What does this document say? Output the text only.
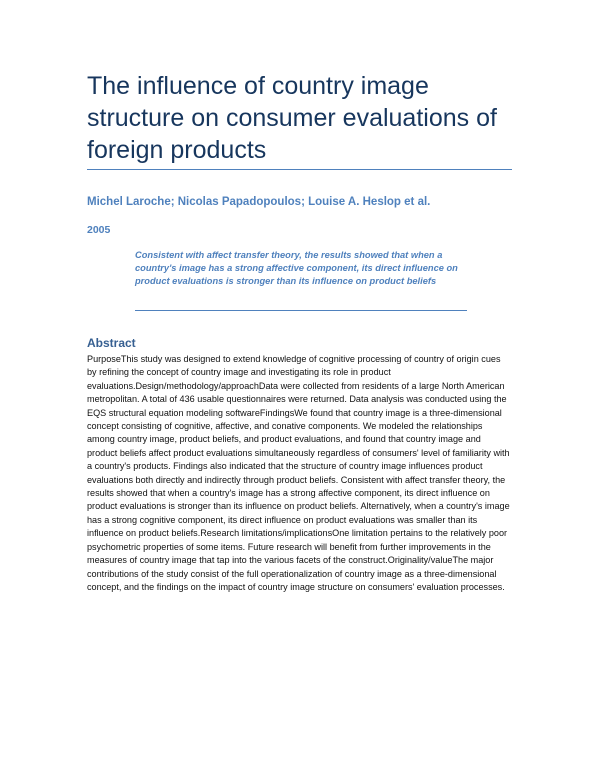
The influence of country image structure on consumer evaluations of foreign products

Michel Laroche; Nicolas Papadopoulos; Louise A. Heslop et al.

2005

Consistent with affect transfer theory, the results showed that when a country's image has a strong affective component, its direct influence on product evaluations is stronger than its influence on product beliefs

Abstract

PurposeThis study was designed to extend knowledge of cognitive processing of country of origin cues by refining the concept of country image and investigating its role in product evaluations.Design/methodology/approachData were collected from residents of a large North American metropolitan. A total of 436 usable questionnaires were returned. Data analysis was conducted using the EQS structural equation modeling softwareFindingsWe found that country image is a three-dimensional concept consisting of cognitive, affective, and conative components. We modeled the relationships among country image, product beliefs, and product evaluations, and found that country image and product beliefs affect product evaluations simultaneously regardless of consumers' level of familiarity with a country's products. Findings also indicated that the structure of country image influences product evaluations both directly and indirectly through product beliefs. Consistent with affect transfer theory, the results showed that when a country's image has a strong affective component, its direct influence on product evaluations is stronger than its influence on product beliefs. Alternatively, when a country's image has a strong cognitive component, its direct influence on product evaluations was smaller than its influence on product beliefs.Research limitations/implicationsOne limitation pertains to the relatively poor psychometric properties of some items. Future research will benefit from further improvements in the measures of country image that tap into the various facets of the construct.Originality/valueThe major contributions of the study consist of the full operationalization of country image as a three-dimensional concept, and the findings on the impact of country image structure on consumers' evaluation processes.
